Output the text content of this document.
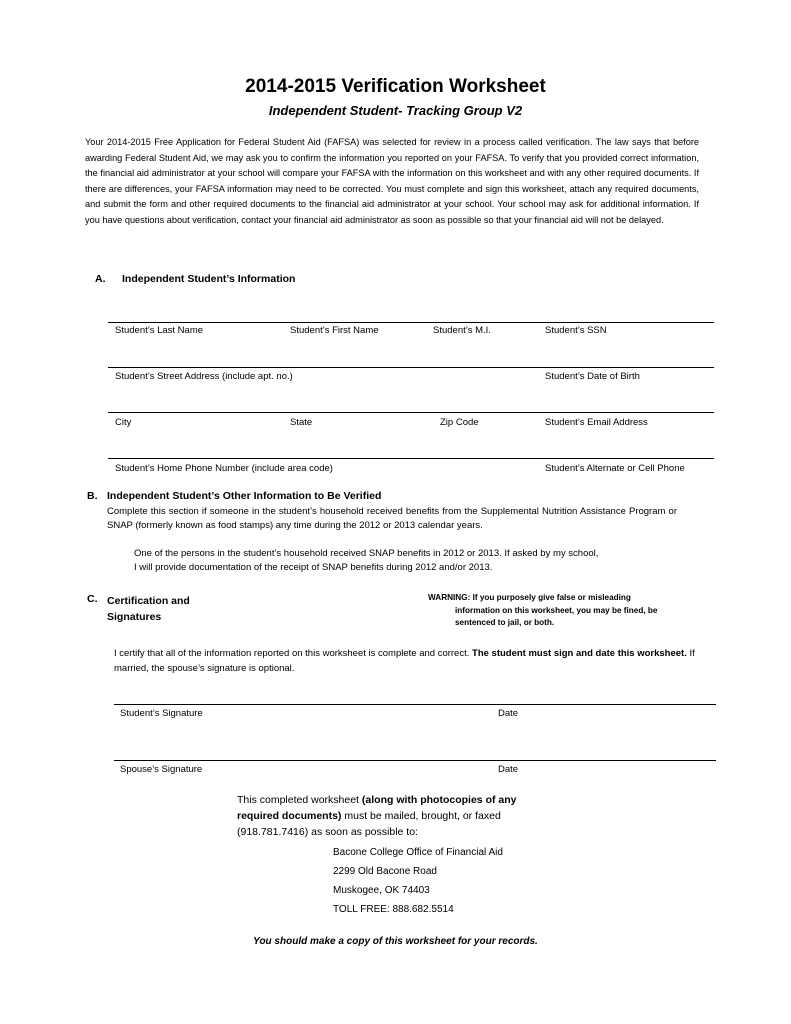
2014-2015 Verification Worksheet
Independent Student- Tracking Group V2
Your 2014-2015 Free Application for Federal Student Aid (FAFSA) was selected for review in a process called verification. The law says that before awarding Federal Student Aid, we may ask you to confirm the information you reported on your FAFSA. To verify that you provided correct information, the financial aid administrator at your school will compare your FAFSA with the information on this worksheet and with any other required documents. If there are differences, your FAFSA information may need to be corrected. You must complete and sign this worksheet, attach any required documents, and submit the form and other required documents to the financial aid administrator at your school. Your school may ask for additional information. If you have questions about verification, contact your financial aid administrator as soon as possible so that your financial aid will not be delayed.
A. Independent Student’s Information
Student’s Last Name	Student’s First Name	Student’s M.I.	Student’s SSN
Student’s Street Address (include apt. no.)	Student’s Date of Birth
City	State	Zip Code	Student’s Email Address
Student’s Home Phone Number (include area code)	Student’s Alternate or Cell Phone
B. Independent Student’s Other Information to Be Verified
Complete this section if someone in the student’s household received benefits from the Supplemental Nutrition Assistance Program or SNAP (formerly known as food stamps) any time during the 2012 or 2013 calendar years.
One of the persons in the student’s household received SNAP benefits in 2012 or 2013. If asked by my school,
I will provide documentation of the receipt of SNAP benefits during 2012 and/or 2013.
C. Certification and
Signatures
WARNING: If you purposely give false or misleading
information on this worksheet, you may be fined, be
sentenced to jail, or both.
I certify that all of the information reported on this worksheet is complete and correct. The student must sign and date this worksheet. If married, the spouse’s signature is optional.
Student’s Signature	Date
Spouse’s Signature	Date
This completed worksheet (along with photocopies of any
required documents) must be mailed, brought, or faxed
(918.781.7416) as soon as possible to:
Bacone College Office of Financial Aid
2299 Old Bacone Road
Muskogee, OK 74403
TOLL FREE: 888.682.5514
You should make a copy of this worksheet for your records.
